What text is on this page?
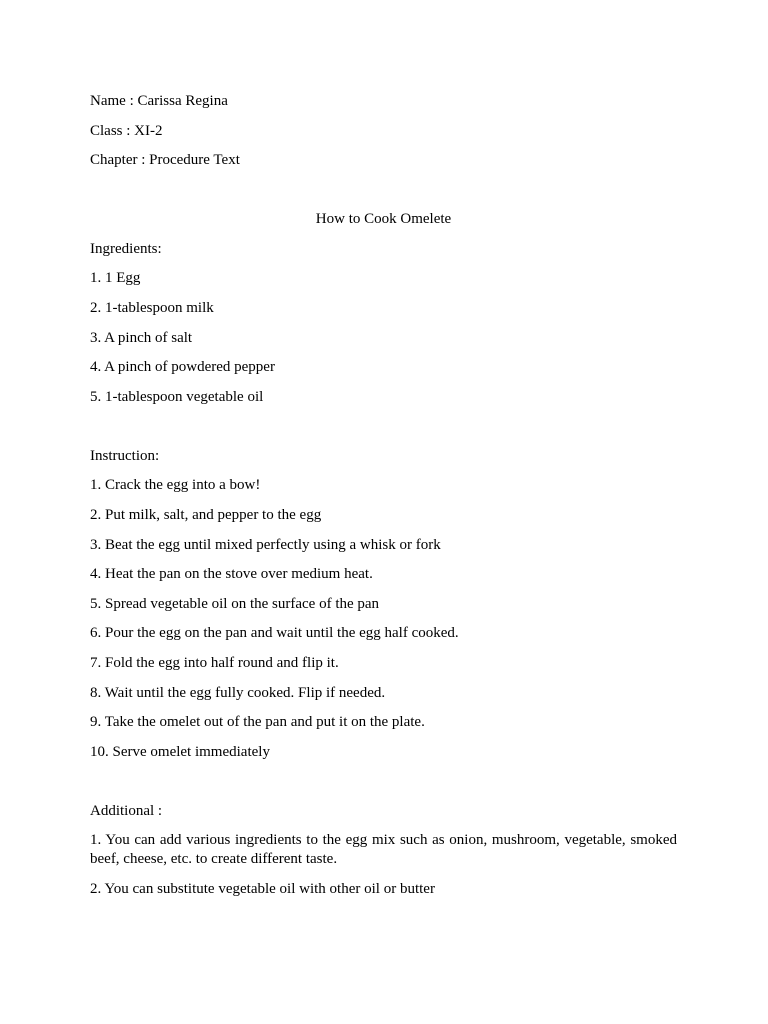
Name : Carissa Regina

Class : XI-2

Chapter : Procedure Text

How to Cook Omelete

Ingredients:

1. 1 Egg

2. 1-tablespoon milk

3. A pinch of salt

4. A pinch of powdered pepper

5. 1-tablespoon vegetable oil

Instruction:

1. Crack the egg into a bow!

2. Put milk, salt, and pepper to the egg

3. Beat the egg until mixed perfectly using a whisk or fork

4. Heat the pan on the stove over medium heat.

5. Spread vegetable oil on the surface of the pan

6. Pour the egg on the pan and wait until the egg half cooked.

7. Fold the egg into half round and flip it.

8. Wait until the egg fully cooked. Flip if needed.

9. Take the omelet out of the pan and put it on the plate.

10. Serve omelet immediately

Additional :

1. You can add various ingredients to the egg mix such as onion, mushroom, vegetable, smoked beef, cheese, etc. to create different taste.

2. You can substitute vegetable oil with other oil or butter
